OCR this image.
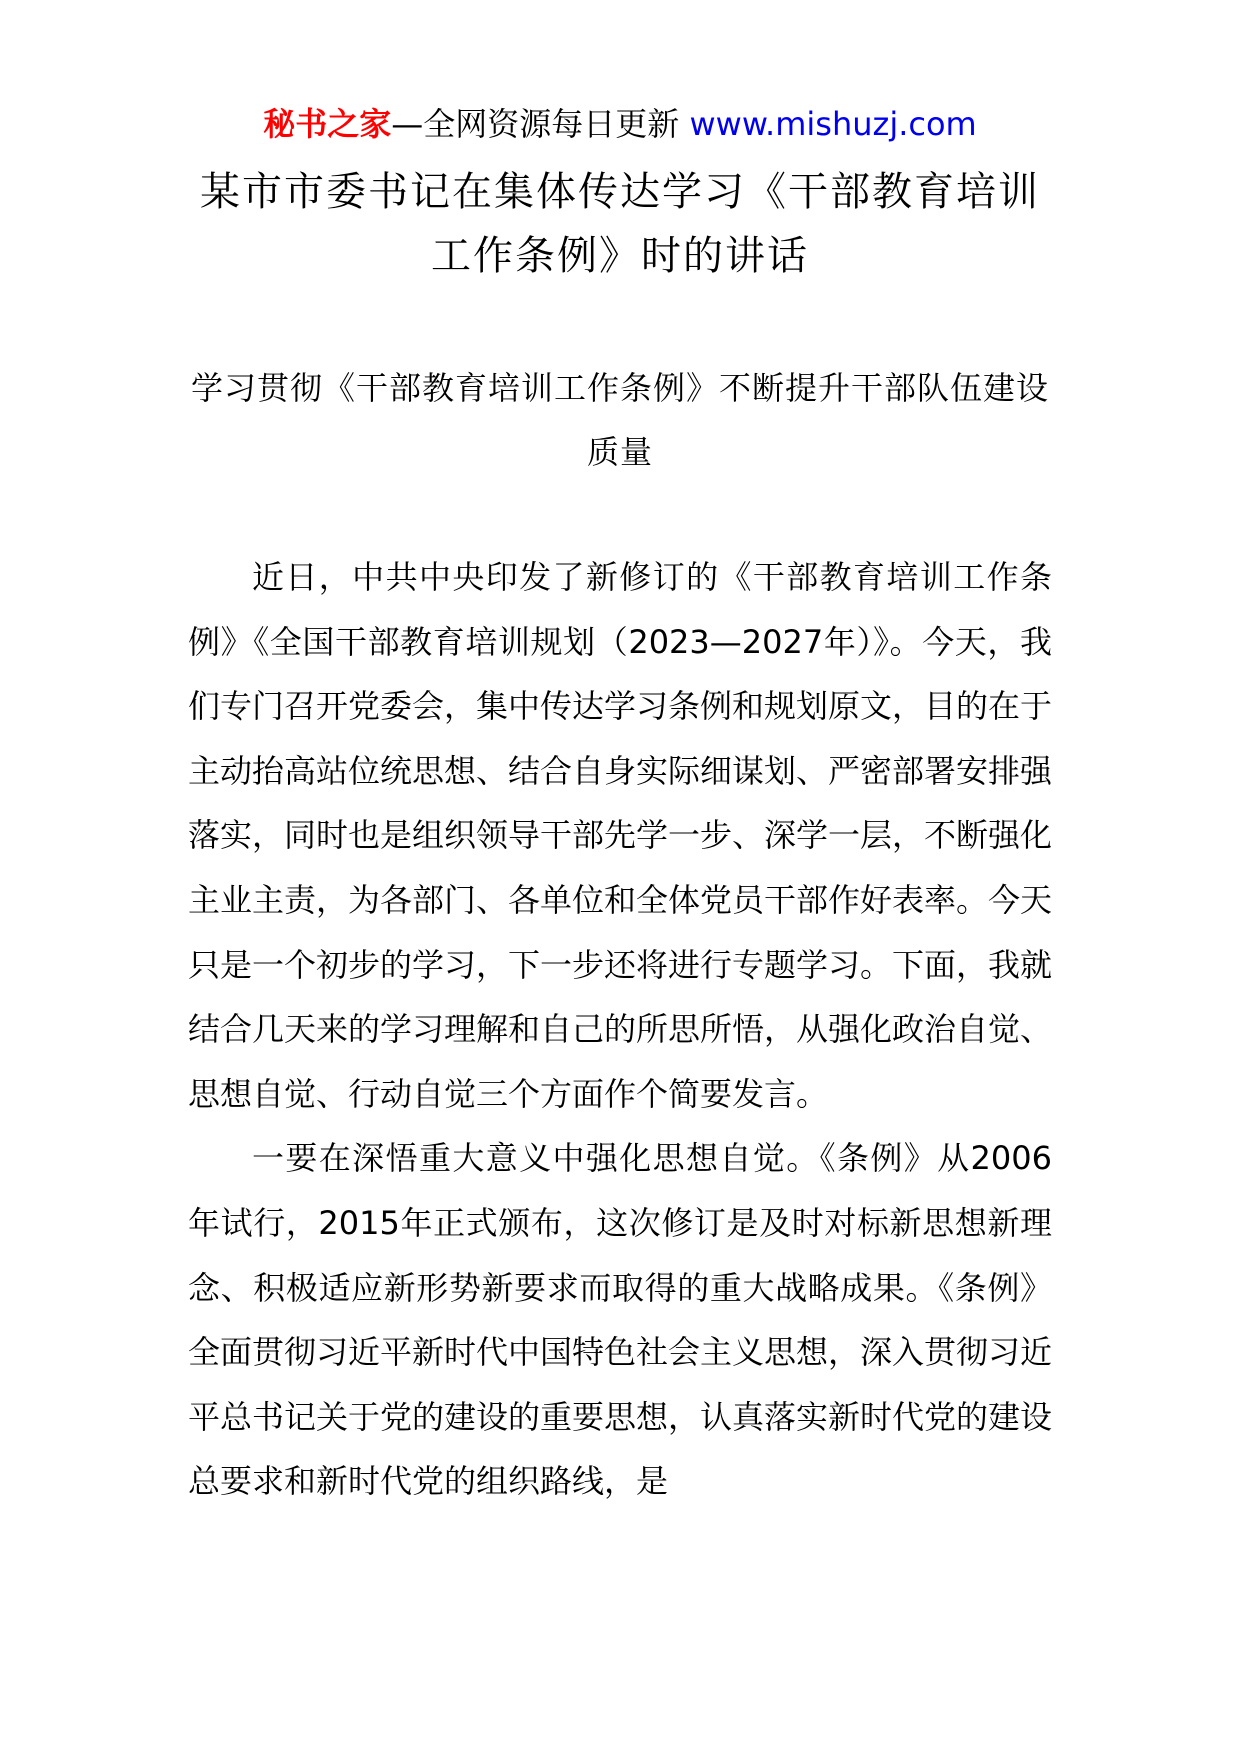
秘书之家—全网资源每日更新 www.mishuzj.com
某市市委书记在集体传达学习《干部教育培训工作条例》时的讲话
学习贯彻《干部教育培训工作条例》不断提升干部队伍建设质量

近日，中共中央印发了新修订的《干部教育培训工作条例》《全国干部教育培训规划（2023—2027年）》。今天，我们专门召开党委会，集中传达学习条例和规划原文，目的在于主动抬高站位统思想、结合自身实际细谋划、严密部署安排强落实，同时也是组织领导干部先学一步、深学一层，不断强化主业主责，为各部门、各单位和全体党员干部作好表率。今天只是一个初步的学习，下一步还将进行专题学习。下面，我就结合几天来的学习理解和自己的所思所悟，从强化政治自觉、思想自觉、行动自觉三个方面作个简要发言。

一要在深悟重大意义中强化思想自觉。《条例》从2006年试行，2015年正式颁布，这次修订是及时对标新思想新理念、积极适应新形势新要求而取得的重大战略成果。《条例》全面贯彻习近平新时代中国特色社会主义思想，深入贯彻习近平总书记关于党的建设的重要思想，认真落实新时代党的建设总要求和新时代党的组织路线，是
